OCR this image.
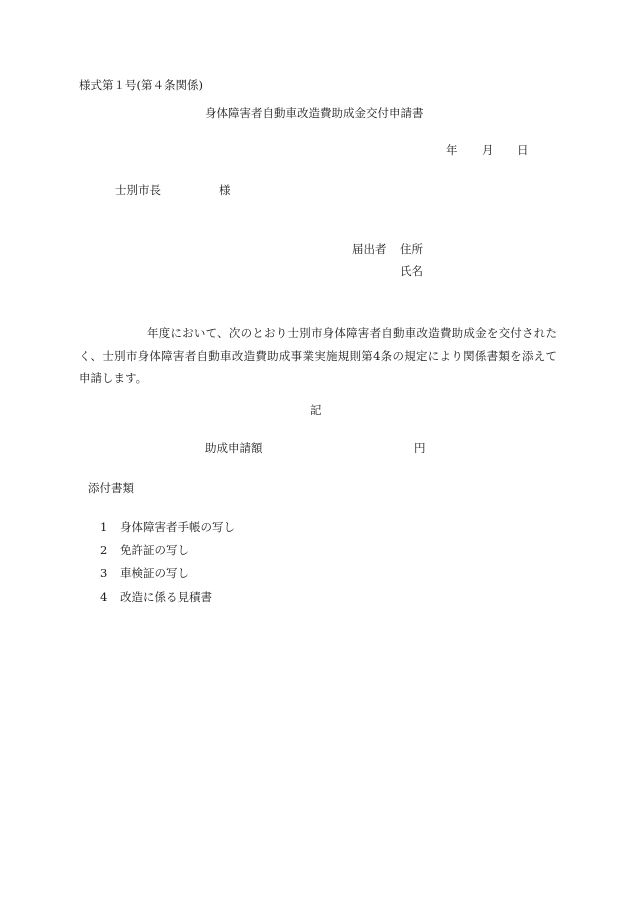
様式第１号(第４条関係)
身体障害者自動車改造費助成金交付申請書
年 月 日
士別市長	様
届出者 住所
氏名
年度において、次のとおり士別市身体障害者自動車改造費助成金を交付されたく、士別市身体障害者自動車改造費助成事業実施規則第4条の規定により関係書類を添えて申請します。
記
助成申請額	円
添付書類
1 身体障害者手帳の写し
2 免許証の写し
3 車検証の写し
4 改造に係る見積書
